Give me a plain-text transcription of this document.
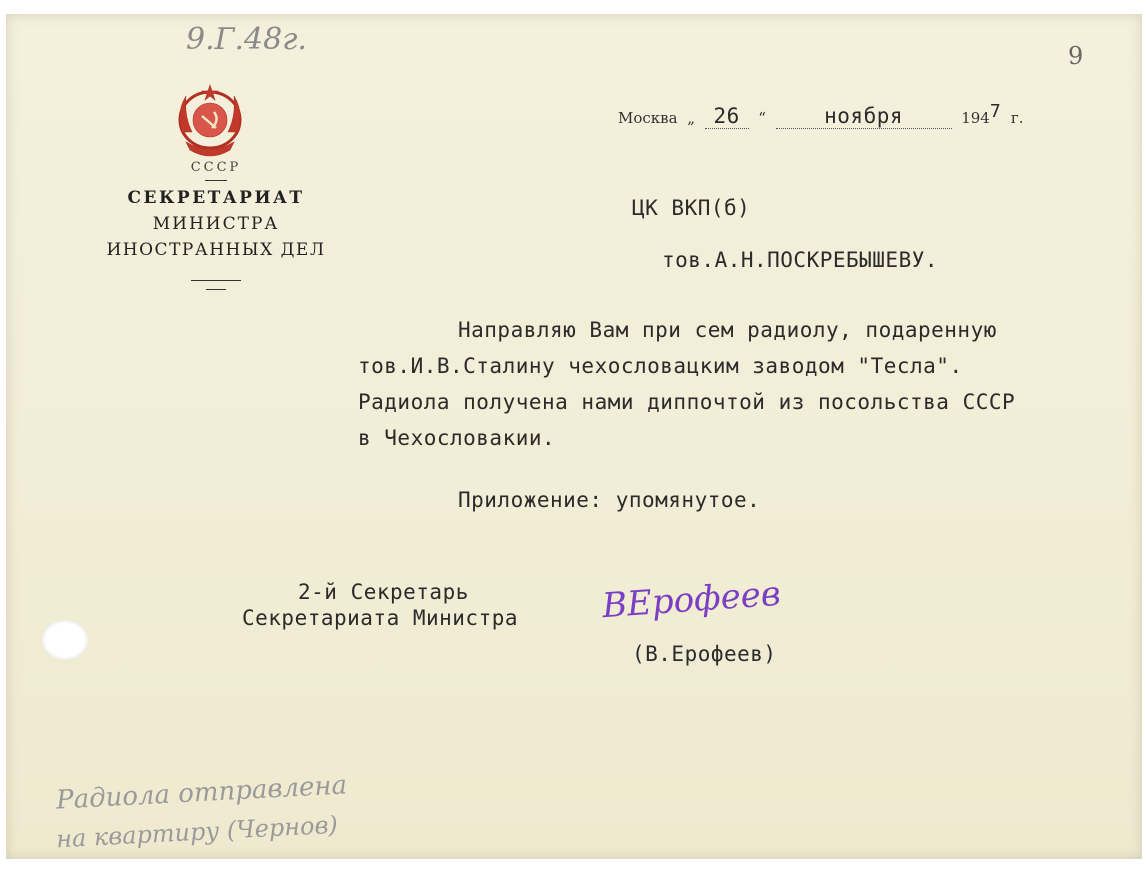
9.Г.48г.	9
СССР
СЕКРЕТАРИАТ
МИНИСТРА
ИНОСТРАННЫХ ДЕЛ
Москва „ 26 “	ноября	1947 г.
ЦК ВКП(б)
тов.А.Н.ПОСКРЕБЫШЕВУ.
Направляю Вам при сем радиолу, подаренную
тов.И.В.Сталину чехословацким заводом "Тесла".
Радиола получена нами диппочтой из посольства СССР
в Чехословакии.
Приложение: упомянутое.
2-й Секретарь
Секретариата Министра ВЕрофеев
(В.Ерофеев)
Радиола отправлена
на квартиру (Чернов)
